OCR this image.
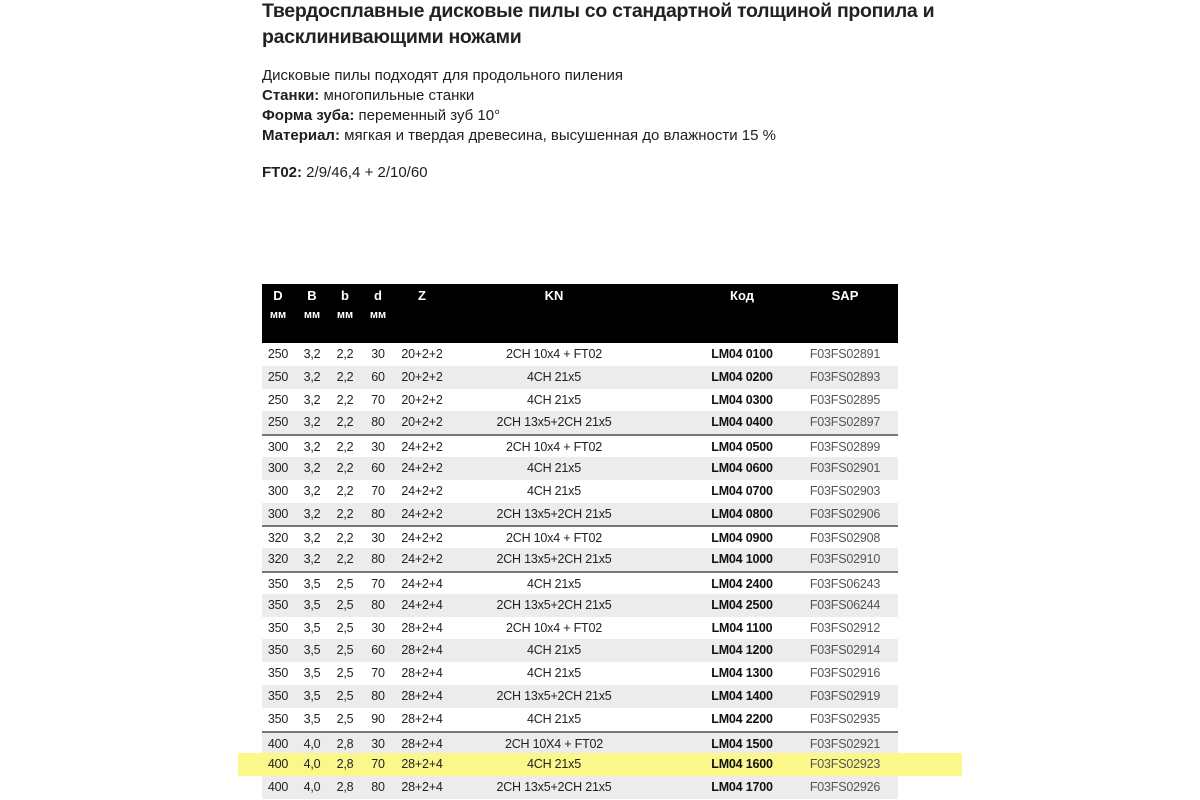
Твердосплавные дисковые пилы со стандартной толщиной пропила и
расклинивающими ножами
Дисковые пилы подходят для продольного пиления
Станки: многопильные станки
Форма зуба: переменный зуб 10°
Материал: мягкая и твердая древесина, высушенная до влажности 15 %
FT02: 2/9/46,4 + 2/10/60
D B b d	Z	KN	Код	SAP
мм мм мм мм
250 3,2 2,2 30 20+2+2	2CH 10x4 + FT02	LM04 0100	F03FS02891
250 3,2 2,2 60 20+2+2	4CH 21x5	LM04 0200	F03FS02893
250 3,2 2,2 70 20+2+2	4CH 21x5	LM04 0300	F03FS02895
250 3,2 2,2 80 20+2+2	2CH 13x5+2CH 21x5	LM04 0400	F03FS02897
300 3,2 2,2 30 24+2+2	2CH 10x4 + FT02	LM04 0500	F03FS02899
300 3,2 2,2 60 24+2+2	4CH 21x5	LM04 0600	F03FS02901
300 3,2 2,2 70 24+2+2	4CH 21x5	LM04 0700	F03FS02903
300 3,2 2,2 80 24+2+2	2CH 13x5+2CH 21x5	LM04 0800	F03FS02906
320 3,2 2,2 30 24+2+2	2CH 10x4 + FT02	LM04 0900	F03FS02908
320 3,2 2,2 80 24+2+2	2CH 13x5+2CH 21x5	LM04 1000	F03FS02910
350 3,5 2,5 70 24+2+4	4CH 21x5	LM04 2400	F03FS06243
350 3,5 2,5 80 24+2+4	2CH 13x5+2CH 21x5	LM04 2500	F03FS06244
350 3,5 2,5 30 28+2+4	2CH 10x4 + FT02	LM04 1100	F03FS02912
350 3,5 2,5 60 28+2+4	4CH 21x5	LM04 1200	F03FS02914
350 3,5 2,5 70 28+2+4	4CH 21x5	LM04 1300	F03FS02916
350 3,5 2,5 80 28+2+4	2CH 13x5+2CH 21x5	LM04 1400	F03FS02919
350 3,5 2,5 90 28+2+4	4CH 21x5	LM04 2200	F03FS02935
400 4,0 2,8 30 28+2+4	2CH 10X4 + FT02	LM04 1500	F03FS02921
400 4,0 2,8 70 28+2+4	4CH 21x5	LM04 1600	F03FS02923
400 4,0 2,8 80 28+2+4	2CH 13x5+2CH 21x5	LM04 1700	F03FS02926
